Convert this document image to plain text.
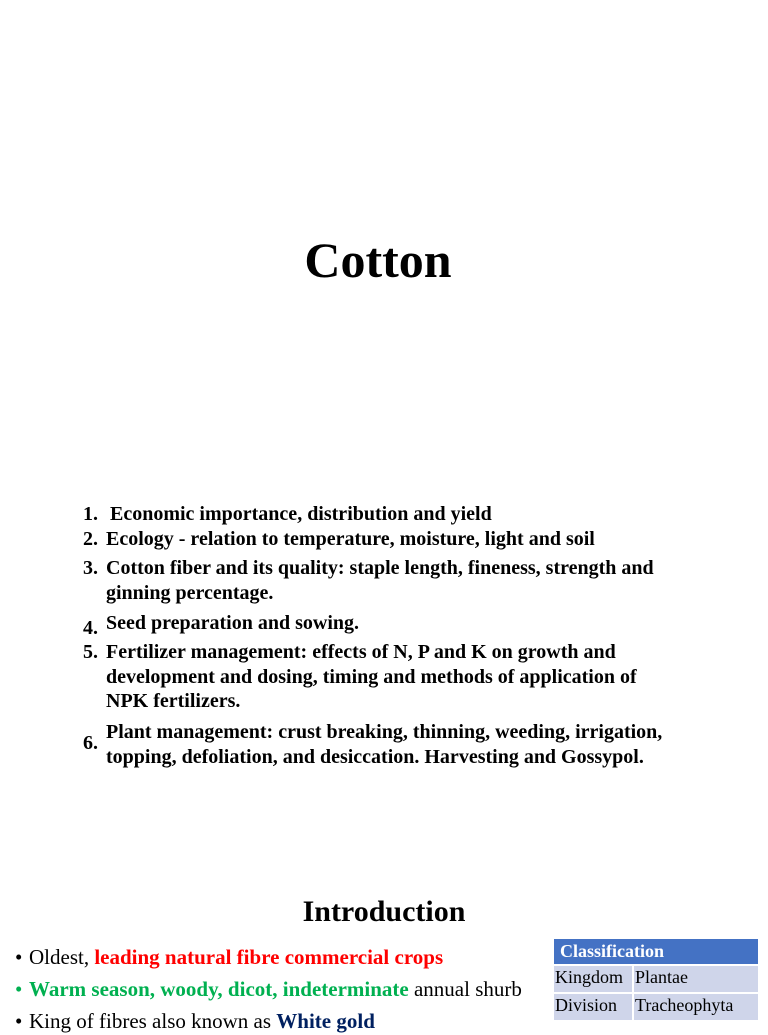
Cotton
1. Economic importance, distribution and yield
2. Ecology - relation to temperature, moisture, light and soil
3. Cotton fiber and its quality: staple length, fineness, strength and
ginning percentage.
4. Seed preparation and sowing.
5. Fertilizer management: effects of N, P and K on growth and
development and dosing, timing and methods of application of
NPK fertilizers.
6. Plant management: crust breaking, thinning, weeding, irrigation,
topping, defoliation, and desiccation. Harvesting and Gossypol.
Introduction
• Oldest, leading natural fibre commercial crops
• Warm season, woody, dicot, indeterminate annual shurb
• King of fibres also known as White gold
Classification	
Kingdom	Plantae
Division	Tracheophyta
